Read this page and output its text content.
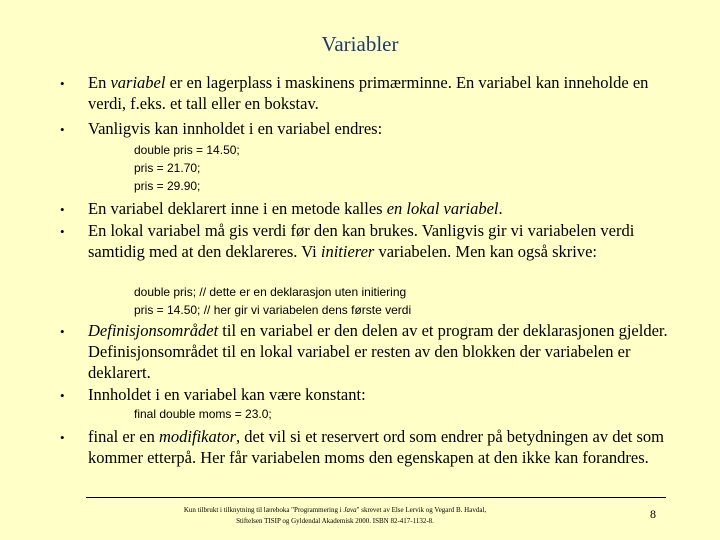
Variabler
• En variabel er en lagerplass i maskinens primærminne. En variabel kan inneholde en verdi, f.eks. et tall eller en bokstav.
• Vanligvis kan innholdet i en variabel endres:
double pris = 14.50;
pris = 21.70;
pris = 29.90;
• En variabel deklarert inne i en metode kalles en lokal variabel.
• En lokal variabel må gis verdi før den kan brukes. Vanligvis gir vi variabelen verdi samtidig med at den deklareres. Vi initierer variabelen. Men kan også skrive:
double pris; // dette er en deklarasjon uten initiering
pris = 14.50; // her gir vi variabelen dens første verdi
• Definisjonsområdet til en variabel er den delen av et program der deklarasjonen gjelder. Definisjonsområdet til en lokal variabel er resten av den blokken der variabelen er deklarert.
• Innholdet i en variabel kan være konstant:
final double moms = 23.0;
• final er en modifikator, det vil si et reservert ord som endrer på betydningen av det som kommer etterpå. Her får variabelen moms den egenskapen at den ikke kan forandres.
Kun tilbrukt i tilknytning til læreboka "Programmering i Java" skrevet av Else Lervik og Vegard B. Havdal,
Stiftelsen TISIP og Gyldendal Akademisk 2000. ISBN 82-417-1132-8.	8
